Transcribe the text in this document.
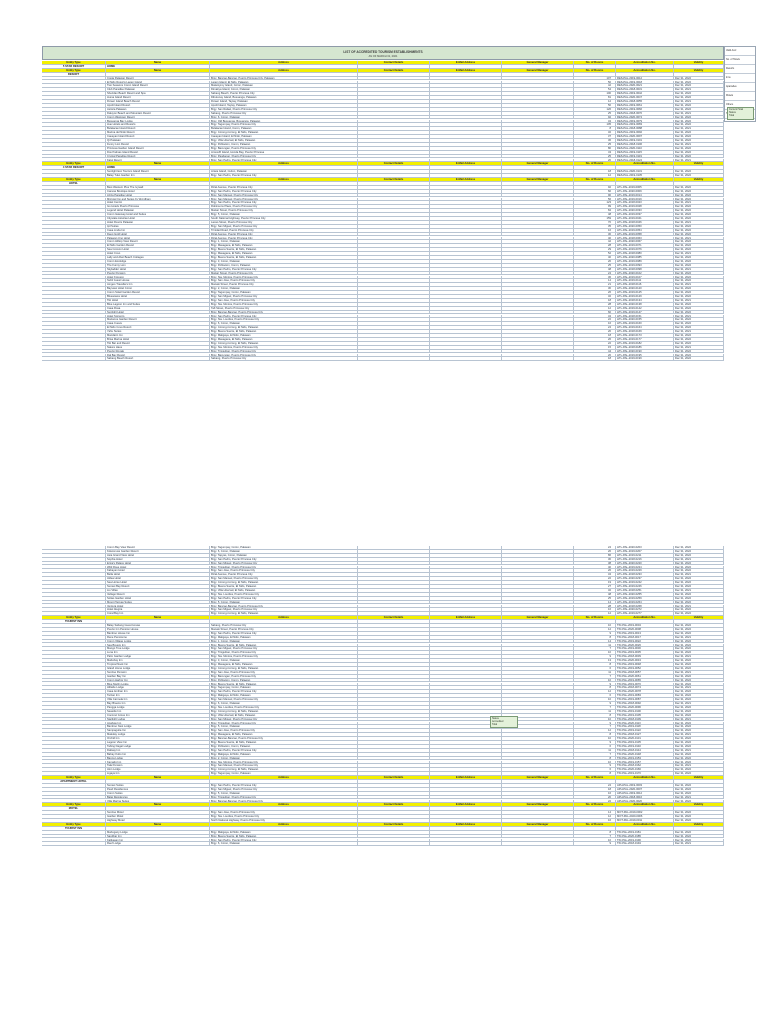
LIST OF ACCREDITED TOURISM ESTABLISHMENTS
AS OF MARCH 31, 2021
Valid Accr.
No. of Hotels
Resorts
Inns
Apartelles
Motels
Others
Current Hotel
Status
Total
Entity Type	Name	Address	Contact Details	E-Mail Address	General Manager	No. of Rooms	Accreditation No.	Validity
5 STAR RESORT	HOME
Entity Type	Name	Address	Contact Details	E-Mail Address	General Manager	No. of Rooms	Accreditation No.	Validity
RESORT
Costa Palawan Resort	Brgy. Bancao-Bancao, Puerto Princesa City, Palawan	107	RES-PAL-2019-0012	Dec 31, 2022
El Nido Resorts Lagen Island	Lagen Island, El Nido, Palawan	50	RES-PAL-2019-0018	Dec 31, 2022
Two Seasons Coron Island Resort	Malaroyroy Island, Coron, Palawan	42	RES-PAL-2020-0021	Dec 31, 2022
Club Paradise Palawan	Dimakya Island, Coron, Palawan	54	RES-PAL-2018-0031	Dec 31, 2021
Sheridan Beach Resort and Spa	Sabang Beach, Puerto Princesa City	100	RES-PAL-2019-0042	Dec 31, 2022
Huma Island Resort	Dibutunay Island, Busuanga, Palawan	81	RES-PAL-2020-0047	Dec 31, 2022
Flower Island Beach Resort	Flower Island, Taytay, Palawan	12	RES-PAL-2018-0055	Dec 31, 2021
Apulit Island Resort	Apulit Island, Taytay, Palawan	50	RES-PAL-2019-0061	Dec 31, 2022
Astoria Palawan	Brgy. San Rafael, Puerto Princesa City	126	RES-PAL-2019-0066	Dec 31, 2022
Daluyon Beach and Mountain Resort	Sabang, Puerto Princesa City	25	RES-PAL-2018-0070	Dec 31, 2021
Coron Westown Resort	Brgy. 6, Coron, Palawan	92	RES-PAL-2020-0074	Dec 31, 2022
Busuanga Bay Lodge	Brgy. Old Busuanga, Busuanga, Palawan	34	RES-PAL-2019-0079	Dec 31, 2022
Hue Hotels and Resorts	Brgy. Tagumpay, Puerto Princesa City	105	RES-PAL-2019-0083	Dec 31, 2022
Bulalacao Island Resort	Bulalacao Island, Coron, Palawan	8	RES-PAL-2018-0088	Dec 31, 2021
Marina del Nido Resort	Brgy. Corong-Corong, El Nido, Palawan	32	RES-PAL-2019-0092	Dec 31, 2022
Cauayan Island Resort	Cauayan Island, El Nido, Palawan	37	RES-PAL-2020-0097	Dec 31, 2022
Qi Palawan	Brgy. Villa Libertad, El Nido, Palawan	36	RES-PAL-2019-0101	Dec 31, 2022
Funny Lion Resort	Brgy. Poblacion, Coron, Palawan	25	RES-PAL-2018-0106	Dec 31, 2021
Princesa Garden Island Resort	Brgy. Bacungan, Puerto Princesa City	80	RES-PAL-2020-0110	Dec 31, 2022
Dos Palmas Island Resort	Arreceffi Island, Honda Bay, Puerto Princesa	43	RES-PAL-2019-0115	Dec 31, 2022
Crystal Paradise Resort	Brgy. Pagdanan, Puerto Princesa City	25	RES-PAL-2019-0119	Dec 31, 2022
Kalui Resort	Brgy. San Pedro, Puerto Princesa City	20	RES-PAL-2018-0124	Dec 31, 2021
Entity Type	Name	Address	Contact Details	E-Mail Address	General Manager	No. of Rooms	Accreditation No.	Validity
4 STAR RESORT	HOME
Sunlight Eco Tourism Island Resort	Ariara Island, Culion, Palawan	18	RES-PAL-2020-0131	Dec 31, 2022
Balay Tuko Garden Inn	Brgy. San Pedro, Puerto Princesa City	12	RES-PAL-2019-0135	Dec 31, 2022
Entity Type	Name	Address	Contact Details	E-Mail Address	General Manager	No. of Rooms	Accreditation No.	Validity
HOTEL
Best Western Plus The Ivywall	Rizal Avenue, Puerto Princesa City	92	HTL-PAL-2019-0005	Dec 31, 2022
Canvas Boutique Hotel	Brgy. San Pedro, Puerto Princesa City	60	HTL-PAL-2020-0009	Dec 31, 2022
Aziza Paradise Hotel	Brgy. San Manuel, Puerto Princesa City	90	HTL-PAL-2019-0014	Dec 31, 2022
Microtel Inn and Suites by Wyndham	Brgy. San Manuel, Puerto Princesa City	56	HTL-PAL-2019-0019	Dec 31, 2022
Hotel Centro	Brgy. San Pedro, Puerto Princesa City	123	HTL-PAL-2018-0023	Dec 31, 2021
Go Hotels Puerto Princesa	Robinsons Place, Puerto Princesa City	99	HTL-PAL-2019-0028	Dec 31, 2022
Legend Hotel Palawan	Malvar Street, Puerto Princesa City	84	HTL-PAL-2020-0033	Dec 31, 2022
Coron Gateway Hotel and Suites	Brgy. 5, Coron, Palawan	48	HTL-PAL-2019-0037	Dec 31, 2022
Citystate Asturias Hotel	South National Highway, Puerto Princesa City	159	HTL-PAL-2019-0041	Dec 31, 2022
Hotel Fleuris Palawan	Lacao Street, Puerto Princesa City	70	HTL-PAL-2018-0046	Dec 31, 2021
Ipil Suites	Brgy. San Miguel, Puerto Princesa City	35	HTL-PAL-2020-0050	Dec 31, 2022
Casa Linda Inn	Trinidad Road, Puerto Princesa City	16	HTL-PAL-2019-0054	Dec 31, 2022
Deep Gold Hotel	Rizal Avenue, Puerto Princesa City	30	HTL-PAL-2019-0058	Dec 31, 2022
Palawan Uno Hotel	Rizal Avenue, Puerto Princesa City	40	HTL-PAL-2018-0063	Dec 31, 2021
Coron Hilltop View Resort	Brgy. 1, Coron, Palawan	42	HTL-PAL-2020-0067	Dec 31, 2022
El Nido Garden Resort	Brgy. Masagana, El Nido, Palawan	28	HTL-PAL-2019-0071	Dec 31, 2022
Sea Cocoon Hotel	Brgy. Buena Suerte, El Nido, Palawan	29	HTL-PAL-2019-0076	Dec 31, 2022
Hotel Covo	Brgy. Masagana, El Nido, Palawan	52	HTL-PAL-2018-0080	Dec 31, 2021
Lally and Abet Beach Cottages	Brgy. Buena Suerte, El Nido, Palawan	40	HTL-PAL-2020-0085	Dec 31, 2022
Coron Ecolodge	Brgy. 3, Coron, Palawan	20	HTL-PAL-2019-0089	Dec 31, 2022
The Funny Lion	Brgy. Poblacion, Coron, Palawan	25	HTL-PAL-2019-0093	Dec 31, 2022
Skyladder Hotel	Brgy. San Pedro, Puerto Princesa City	48	HTL-PAL-2018-0098	Dec 31, 2021
Puerto Pension	Malvar Street, Puerto Princesa City	24	HTL-PAL-2020-0102	Dec 31, 2022
Hotel Koresco	Brgy. Sta. Monica, Puerto Princesa City	36	HTL-PAL-2019-0107	Dec 31, 2022
Subli Guest House	Brgy. San Jose, Puerto Princesa City	14	HTL-PAL-2019-0111	Dec 31, 2022
Amgeo Travellers Inn	Manalo Street, Puerto Princesa City	21	HTL-PAL-2018-0116	Dec 31, 2021
Bayview Hotel Coron	Brgy. 2, Coron, Palawan	30	HTL-PAL-2020-0120	Dec 31, 2022
Coron Soleil Garden Resort	Brgy. Tagumpay, Coron, Palawan	26	HTL-PAL-2019-0125	Dec 31, 2022
Bluewaves Hotel	Brgy. San Miguel, Puerto Princesa City	32	HTL-PAL-2019-0129	Dec 31, 2022
Tiki Hotel	Brgy. San Jose, Puerto Princesa City	18	HTL-PAL-2018-0134	Dec 31, 2021
Blue Lagoon Inn and Suites	Brgy. Sta. Monica, Puerto Princesa City	28	HTL-PAL-2020-0138	Dec 31, 2022
Casa Rosa	Taft Street, Puerto Princesa City	12	HTL-PAL-2019-0142	Dec 31, 2022
Sunlight Hotel	Brgy. Bancao-Bancao, Puerto Princesa City	60	HTL-PAL-2019-0147	Dec 31, 2022
Hotel Sorrento	Brgy. San Pedro, Puerto Princesa City	34	HTL-PAL-2018-0151	Dec 31, 2021
Marianne Garden Resort	Brgy. Sta. Lourdes, Puerto Princesa City	22	HTL-PAL-2020-0155	Dec 31, 2022
Casa Cueva	Brgy. 6, Coron, Palawan	16	HTL-PAL-2019-0160	Dec 31, 2022
El Nido Cove Resort	Brgy. Corong-Corong, El Nido, Palawan	24	HTL-PAL-2019-0164	Dec 31, 2022
Yahu Suites	Brgy. Buena Suerte, El Nido, Palawan	20	HTL-PAL-2018-0169	Dec 31, 2021
Mandarin Inn	Brgy. Maligaya, El Nido, Palawan	18	HTL-PAL-2020-0173	Dec 31, 2022
Brisa Marina Hotel	Brgy. Masagana, El Nido, Palawan	26	HTL-PAL-2019-0177	Dec 31, 2022
Tiki Bar and Resort	Brgy. Corong-Corong, El Nido, Palawan	22	HTL-PAL-2019-0182	Dec 31, 2022
Nature Haus	Brgy. Sta. Monica, Puerto Princesa City	15	HTL-PAL-2018-0186	Dec 31, 2021
Puerto Royale	Brgy. Tiniguiban, Puerto Princesa City	44	HTL-PAL-2020-0190	Dec 31, 2022
Dal Bay Resort	Brgy. Bacungan, Puerto Princesa City	20	HTL-PAL-2019-0195	Dec 31, 2022
Sabang Beach Resort	Sabang, Puerto Princesa City	18	HTL-PAL-2019-0199	Dec 31, 2022
Coron Bay View Resort	Brgy. Tagumpay, Coron, Palawan	24	HTL-PAL-2020-0203	Dec 31, 2022
Kokosnuss Garden Resort	Brgy. 6, Coron, Palawan	20	HTL-PAL-2019-0207	Dec 31, 2022
Asia Grand View Hotel	Brgy. Tapyas, Coron, Palawan	86	HTL-PAL-2019-0211	Dec 31, 2022
Sophia Hotel	Brgy. San Pedro, Puerto Princesa City	30	HTL-PAL-2018-0216	Dec 31, 2021
Erica's Palace Hotel	Brgy. San Miguel, Puerto Princesa City	38	HTL-PAL-2020-0220	Dec 31, 2022
Wild Rose Hotel	Brgy. Tiniguiban, Puerto Princesa City	40	HTL-PAL-2019-0224	Dec 31, 2022
Kabayan Hotel	Brgy. San Jose, Puerto Princesa City	26	HTL-PAL-2019-0229	Dec 31, 2022
Bella Hotel	Rizal Avenue, Puerto Princesa City	34	HTL-PAL-2018-0233	Dec 31, 2021
Aldea Hotel	Brgy. San Manuel, Puerto Princesa City	22	HTL-PAL-2020-0237	Dec 31, 2022
Sea Horse Hotel	Brgy. Corong-Corong, El Nido, Palawan	19	HTL-PAL-2019-0242	Dec 31, 2022
Sunset Bay Resort	Brgy. Buena Suerte, El Nido, Palawan	27	HTL-PAL-2019-0246	Dec 31, 2022
Lio Villas	Brgy. Villa Libertad, El Nido, Palawan	32	HTL-PAL-2018-0251	Dec 31, 2021
Vellago Resort	Brgy. Sta. Lourdes, Puerto Princesa City	48	HTL-PAL-2020-0255	Dec 31, 2022
Solias Garden Hotel	Brgy. San Pedro, Puerto Princesa City	25	HTL-PAL-2019-0259	Dec 31, 2022
Mount Tapyas Suites	Brgy. 5, Coron, Palawan	14	HTL-PAL-2019-0264	Dec 31, 2022
Ventura Hotel	Brgy. Bancao-Bancao, Puerto Princesa City	28	HTL-PAL-2018-0268	Dec 31, 2021
Hotel Alegria	Brgy. San Miguel, Puerto Princesa City	16	HTL-PAL-2020-0272	Dec 31, 2022
Coral Bay Inn	Brgy. Corong-Corong, El Nido, Palawan	12	HTL-PAL-2019-0277	Dec 31, 2022
Entity Type	Name	Address	Contact Details	E-Mail Address	General Manager	No. of Rooms	Accreditation No.	Validity
TOURIST INN
Balay Sabang Guest House	Sabang, Puerto Princesa City	10	TIN-PAL-2019-0004	Dec 31, 2022
Puerto Inn Pension House	Manalo Street, Puerto Princesa City	12	TIN-PAL-2020-0008	Dec 31, 2022
Bamboo House Inn	Brgy. San Pedro, Puerto Princesa City	9	TIN-PAL-2019-0013	Dec 31, 2022
Rene Pensionne	Brgy. Maligaya, El Nido, Palawan	8	TIN-PAL-2018-0017	Dec 31, 2021
Coron Village Lodge	Brgy. 1, Coron, Palawan	14	TIN-PAL-2019-0022	Dec 31, 2022
Sea Breeze Inn	Brgy. Buena Suerte, El Nido, Palawan	11	TIN-PAL-2020-0026	Dec 31, 2022
Mango Tree Lodge	Brgy. San Miguel, Puerto Princesa City	7	TIN-PAL-2019-0030	Dec 31, 2022
Luna Inn	Brgy. Tiniguiban, Puerto Princesa City	10	TIN-PAL-2019-0035	Dec 31, 2022
Palm Garden Lodge	Brgy. Sta. Monica, Puerto Princesa City	9	TIN-PAL-2018-0039	Dec 31, 2021
Mabuhay Inn	Brgy. 3, Coron, Palawan	13	TIN-PAL-2020-0043	Dec 31, 2022
Tropical Nook Inn	Brgy. Masagana, El Nido, Palawan	8	TIN-PAL-2019-0048	Dec 31, 2022
Island Home Lodge	Brgy. Corong-Corong, El Nido, Palawan	6	TIN-PAL-2019-0052	Dec 31, 2022
Sunrise Pension	Brgy. San Jose, Puerto Princesa City	11	TIN-PAL-2018-0057	Dec 31, 2021
Garden Bay Inn	Brgy. Bacungan, Puerto Princesa City	7	TIN-PAL-2020-0061	Dec 31, 2022
Coron Harbor Inn	Brgy. Poblacion, Coron, Palawan	10	TIN-PAL-2019-0065	Dec 31, 2022
Blue Marlin Lodge	Brgy. Buena Suerte, El Nido, Palawan	9	TIN-PAL-2019-0070	Dec 31, 2022
Hillside Lodge	Brgy. Tagumpay, Coron, Palawan	8	TIN-PAL-2018-0074	Dec 31, 2021
Casa Amihan Inn	Brgy. San Pedro, Puerto Princesa City	12	TIN-PAL-2020-0078	Dec 31, 2022
Tarzan Inn	Brgy. Maligaya, El Nido, Palawan	6	TIN-PAL-2019-0083	Dec 31, 2022
Villa Carmela Inn	Brgy. San Manuel, Puerto Princesa City	10	TIN-PAL-2019-0087	Dec 31, 2022
Bay Breeze Inn	Brgy. 6, Coron, Palawan	9	TIN-PAL-2018-0092	Dec 31, 2021
Pangga Lodge	Brgy. Sta. Lourdes, Puerto Princesa City	7	TIN-PAL-2020-0096	Dec 31, 2022
Seaside Inn	Brgy. Corong-Corong, El Nido, Palawan	11	TIN-PAL-2019-0100	Dec 31, 2022
Coconut Grove Inn	Brgy. Villa Libertad, El Nido, Palawan	8	TIN-PAL-2019-0105	Dec 31, 2022
Starlight Lodge	Brgy. San Miguel, Puerto Princesa City	10	TIN-PAL-2018-0109	Dec 31, 2021
Anahaw Inn	Brgy. Tiniguiban, Puerto Princesa City	9	TIN-PAL-2020-0113	Dec 31, 2022
Bamboo Nest Lodge	Brgy. 5, Coron, Palawan	7	TIN-PAL-2019-0118	Dec 31, 2022
Sampaguita Inn	Brgy. San Jose, Puerto Princesa City	12	TIN-PAL-2019-0122	Dec 31, 2022
Makulay Lodge	Brgy. Masagana, El Nido, Palawan	8	TIN-PAL-2018-0127	Dec 31, 2021
Orchid Inn	Brgy. Bancao-Bancao, Puerto Princesa City	10	TIN-PAL-2020-0131	Dec 31, 2022
Lagoon View Inn	Brgy. Buena Suerte, El Nido, Palawan	9	TIN-PAL-2019-0135	Dec 31, 2022
Tabing Dagat Lodge	Brgy. Poblacion, Coron, Palawan	6	TIN-PAL-2019-0140	Dec 31, 2022
Dalisay Inn	Brgy. San Pedro, Puerto Princesa City	11	TIN-PAL-2018-0144	Dec 31, 2021
Bahay Kubo Inn	Brgy. Maligaya, El Nido, Palawan	7	TIN-PAL-2020-0148	Dec 31, 2022
Banca Lodge	Brgy. 2, Coron, Palawan	8	TIN-PAL-2019-0153	Dec 31, 2022
Kamalig Inn	Brgy. Sta. Monica, Puerto Princesa City	10	TIN-PAL-2019-0157	Dec 31, 2022
Tala Pension	Brgy. San Manuel, Puerto Princesa City	9	TIN-PAL-2018-0162	Dec 31, 2021
Alon Lodge	Brgy. Corong-Corong, El Nido, Palawan	6	TIN-PAL-2020-0166	Dec 31, 2022
Ligaya Inn	Brgy. Tagumpay, Coron, Palawan	8	TIN-PAL-2019-0170	Dec 31, 2022
Entity Type	Name	Address	Contact Details	E-Mail Address	General Manager	No. of Rooms	Accreditation No.	Validity
APARTMENT HOTEL
Sunset Suites	Brgy. San Pedro, Puerto Princesa City	24	APH-PAL-2019-0003	Dec 31, 2022
Pearl Residences	Brgy. San Miguel, Puerto Princesa City	18	APH-PAL-2020-0007	Dec 31, 2022
Coron Suites	Brgy. 5, Coron, Palawan	16	APH-PAL-2019-0012	Dec 31, 2022
Balai Residences	Brgy. Tiniguiban, Puerto Princesa City	20	APH-PAL-2018-0016	Dec 31, 2021
Villa Marina Suites	Brgy. Bancao-Bancao, Puerto Princesa City	22	APH-PAL-2020-0020	Dec 31, 2022
Entity Type	Name	Address	Contact Details	E-Mail Address	General Manager	No. of Rooms	Accreditation No.	Validity
MOTEL
Sunrise Motel	Brgy. San Jose, Puerto Princesa City	14	MOT-PAL-2019-0002	Dec 31, 2022
Garden Motel	Brgy. Sta. Lourdes, Puerto Princesa City	12	MOT-PAL-2020-0006	Dec 31, 2022
Highway Motel	North National Highway, Puerto Princesa City	16	MOT-PAL-2019-0011	Dec 31, 2022
Entity Type	Name	Address	Contact Details	E-Mail Address	General Manager	No. of Rooms	Accreditation No.	Validity
TOURIST INN
Mahogany Lodge	Brgy. Maligaya, El Nido, Palawan	8	TIN-PAL-2019-0181	Dec 31, 2022
Sandbar Inn	Brgy. Buena Suerte, El Nido, Palawan	7	TIN-PAL-2020-0185	Dec 31, 2022
Kalikasan Inn	Brgy. San Pedro, Puerto Princesa City	10	TIN-PAL-2019-0190	Dec 31, 2022
Reef Lodge	Brgy. 6, Coron, Palawan	9	TIN-PAL-2018-0194	Dec 31, 2021
Status
Accredited
Total
